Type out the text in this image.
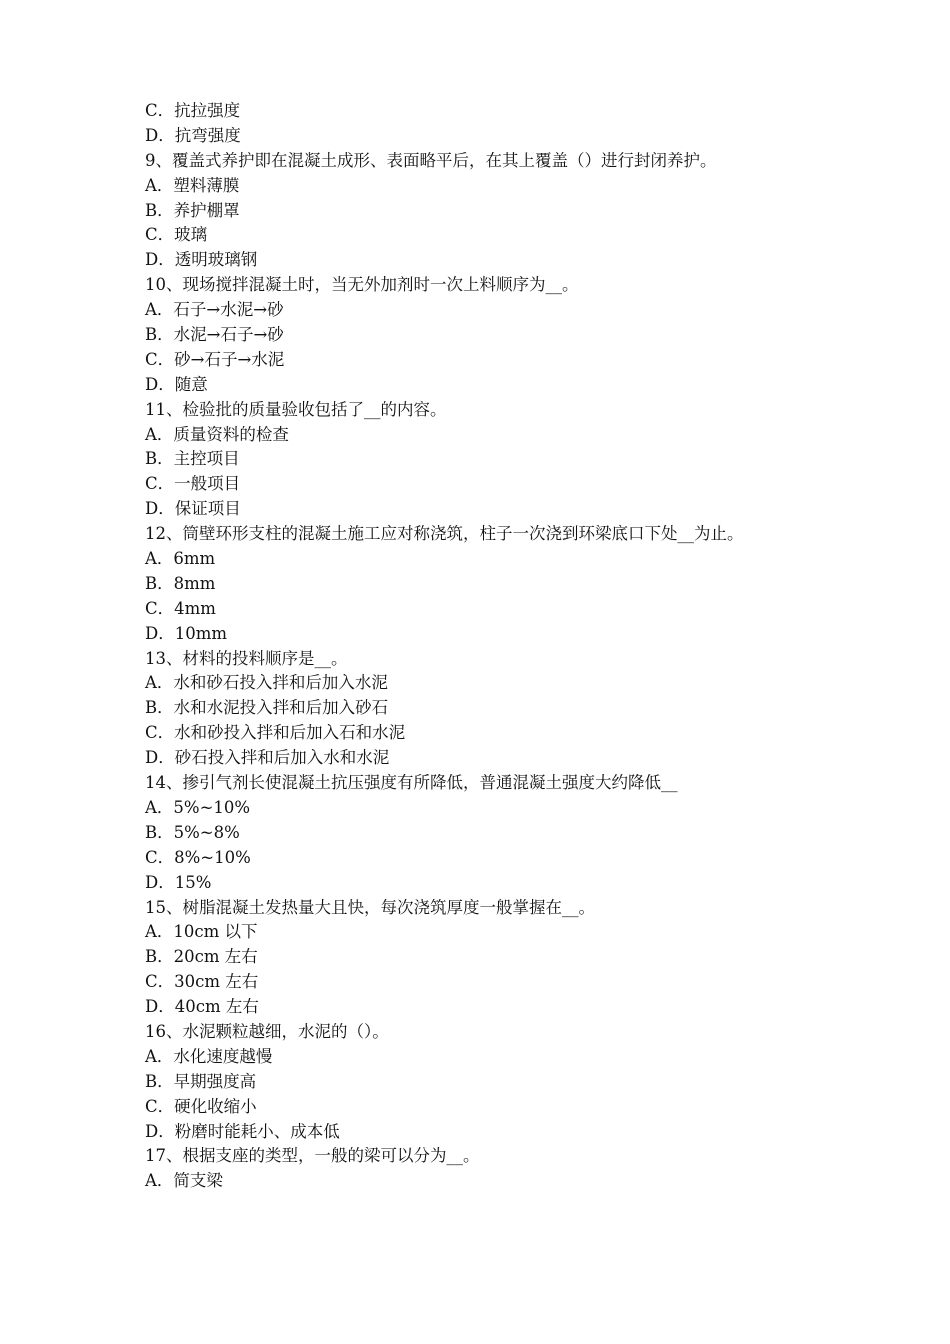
C．抗拉强度
D．抗弯强度
9、覆盖式养护即在混凝土成形、表面略平后，在其上覆盖（）进行封闭养护。
A．塑料薄膜
B．养护棚罩
C．玻璃
D．透明玻璃钢
10、现场搅拌混凝土时，当无外加剂时一次上料顺序为__。
A．石子→水泥→砂
B．水泥→石子→砂
C．砂→石子→水泥
D．随意
11、检验批的质量验收包括了__的内容。
A．质量资料的检查
B．主控项目
C．一般项目
D．保证项目
12、筒壁环形支柱的混凝土施工应对称浇筑，柱子一次浇到环梁底口下处__为止。
A．6mm
B．8mm
C．4mm
D．10mm
13、材料的投料顺序是__。
A．水和砂石投入拌和后加入水泥
B．水和水泥投入拌和后加入砂石
C．水和砂投入拌和后加入石和水泥
D．砂石投入拌和后加入水和水泥
14、掺引气剂长使混凝土抗压强度有所降低，普通混凝土强度大约降低__
A．5%~10%
B．5%~8%
C．8%~10%
D．15%
15、树脂混凝土发热量大且快，每次浇筑厚度一般掌握在__。
A．10cm 以下
B．20cm 左右
C．30cm 左右
D．40cm 左右
16、水泥颗粒越细，水泥的（）。
A．水化速度越慢
B．早期强度高
C．硬化收缩小
D．粉磨时能耗小、成本低
17、根据支座的类型，一般的梁可以分为__。
A．简支梁
